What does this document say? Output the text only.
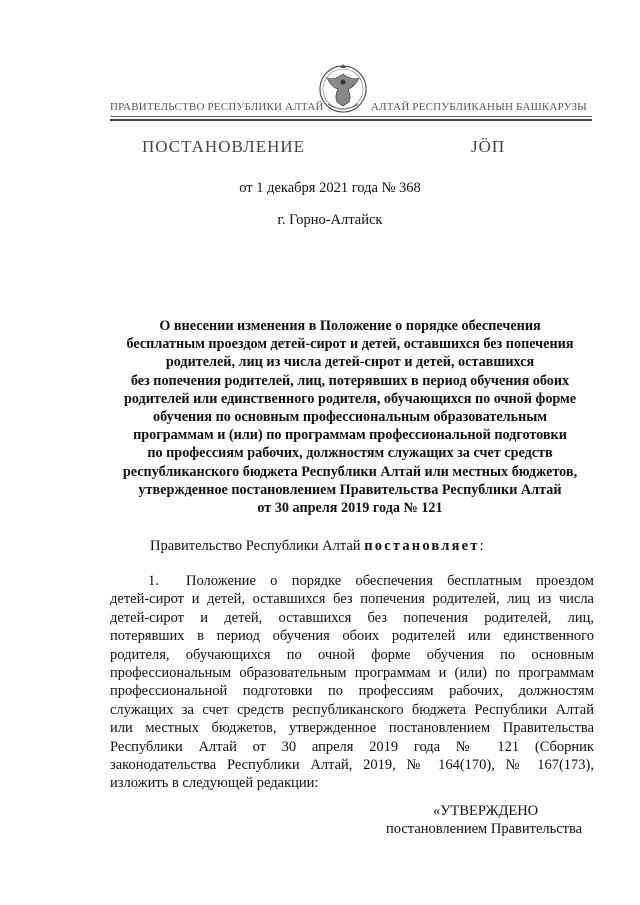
ПРАВИТЕЛЬСТВО РЕСПУБЛИКИ АЛТАЙ	АЛТАЙ РЕСПУБЛИКАНЫН БАШКАРУЗЫ
ПОСТАНОВЛЕНИЕ	ЈӦП
от 1 декабря 2021 года № 368
г. Горно-Алтайск
О внесении изменения в Положение о порядке обеспечения
бесплатным проездом детей-сирот и детей, оставшихся без попечения
родителей, лиц из числа детей-сирот и детей, оставшихся
без попечения родителей, лиц, потерявших в период обучения обоих
родителей или единственного родителя, обучающихся по очной форме
обучения по основным профессиональным образовательным
программам и (или) по программам профессиональной подготовки
по профессиям рабочих, должностям служащих за счет средств
республиканского бюджета Республики Алтай или местных бюджетов,
утвержденное постановлением Правительства Республики Алтай
от 30 апреля 2019 года № 121
Правительство Республики Алтай постановляет:
1. Положение о порядке обеспечения бесплатным проездом
детей-сирот и детей, оставшихся без попечения родителей, лиц из числа
детей-сирот и детей, оставшихся без попечения родителей, лиц,
потерявших в период обучения обоих родителей или единственного
родителя, обучающихся по очной форме обучения по основным
профессиональным образовательным программам и (или) по программам
профессиональной подготовки по профессиям рабочих, должностям
служащих за счет средств республиканского бюджета Республики Алтай
или местных бюджетов, утвержденное постановлением Правительства
Республики Алтай от 30 апреля 2019 года № 121 (Сборник
законодательства Республики Алтай, 2019, № 164(170), № 167(173),
изложить в следующей редакции:
«УТВЕРЖДЕНО
постановлением Правительства
